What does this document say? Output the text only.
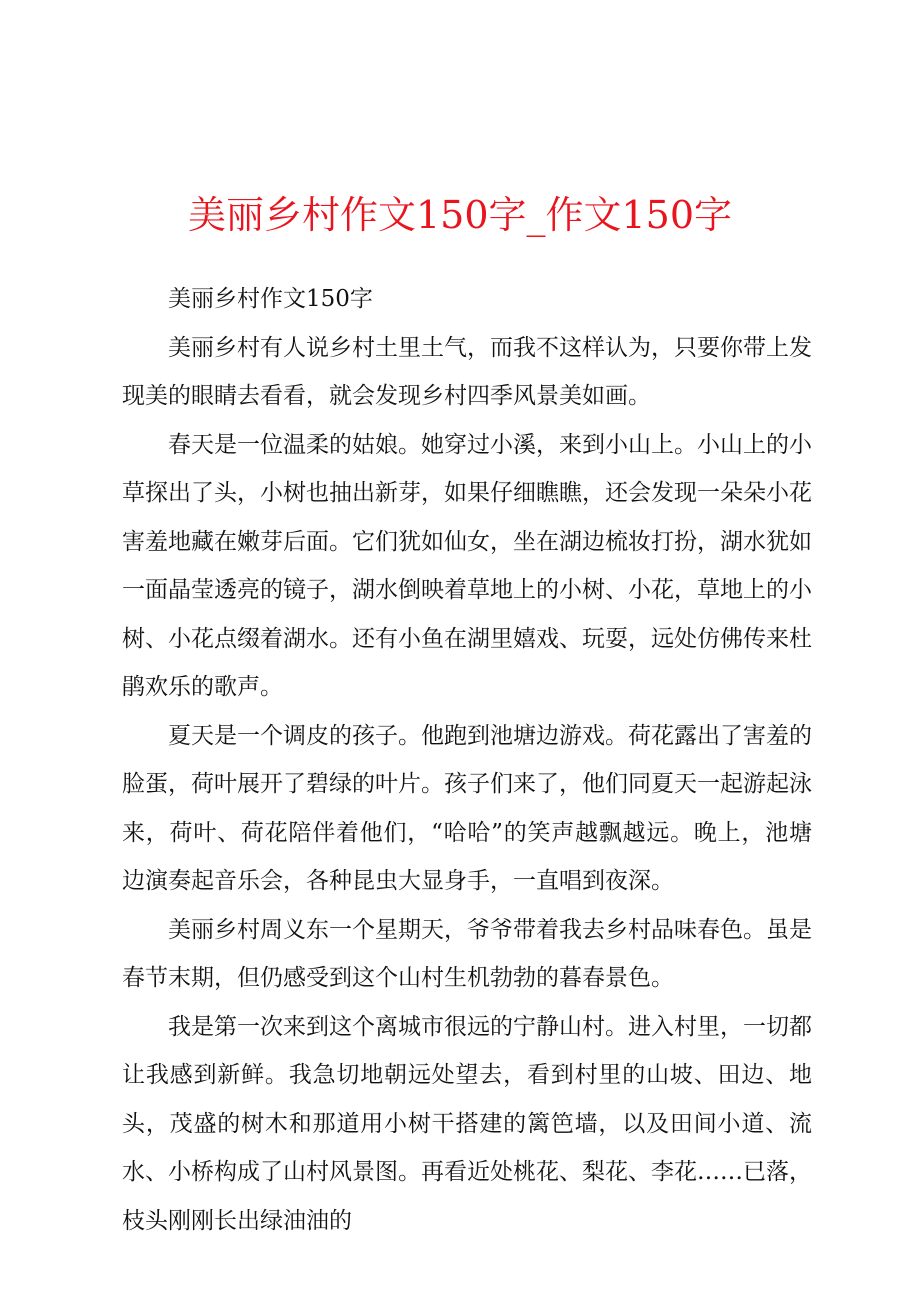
美丽乡村作文150字_作文150字

美丽乡村作文150字

美丽乡村有人说乡村土里土气，而我不这样认为，只要你带上发现美的眼睛去看看，就会发现乡村四季风景美如画。

春天是一位温柔的姑娘。她穿过小溪，来到小山上。小山上的小草探出了头，小树也抽出新芽，如果仔细瞧瞧，还会发现一朵朵小花害羞地藏在嫩芽后面。它们犹如仙女，坐在湖边梳妆打扮，湖水犹如一面晶莹透亮的镜子，湖水倒映着草地上的小树、小花，草地上的小树、小花点缀着湖水。还有小鱼在湖里嬉戏、玩耍，远处仿佛传来杜鹃欢乐的歌声。

夏天是一个调皮的孩子。他跑到池塘边游戏。荷花露出了害羞的脸蛋，荷叶展开了碧绿的叶片。孩子们来了，他们同夏天一起游起泳来，荷叶、荷花陪伴着他们，“哈哈”的笑声越飘越远。晚上，池塘边演奏起音乐会，各种昆虫大显身手，一直唱到夜深。

美丽乡村周义东一个星期天，爷爷带着我去乡村品味春色。虽是春节末期，但仍感受到这个山村生机勃勃的暮春景色。

我是第一次来到这个离城市很远的宁静山村。进入村里，一切都让我感到新鲜。我急切地朝远处望去，看到村里的山坡、田边、地头，茂盛的树木和那道用小树干搭建的篱笆墙，以及田间小道、流水、小桥构成了山村风景图。再看近处桃花、梨花、李花……已落，枝头刚刚长出绿油油的
